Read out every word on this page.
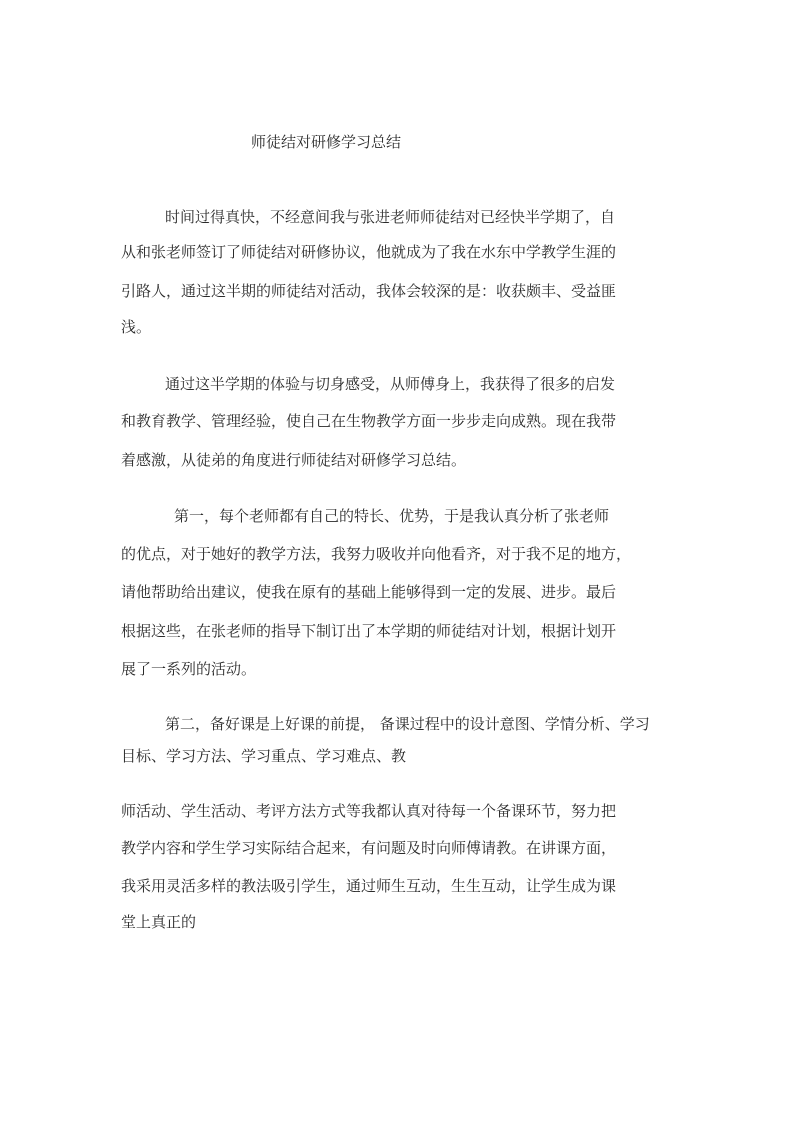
师徒结对研修学习总结
时间过得真快，不经意间我与张进老师师徒结对已经快半学期了，自
从和张老师签订了师徒结对研修协议，他就成为了我在水东中学教学生涯的
引路人，通过这半期的师徒结对活动，我体会较深的是：收获颇丰、受益匪
浅。
通过这半学期的体验与切身感受，从师傅身上，我获得了很多的启发
和教育教学、管理经验，使自己在生物教学方面一步步走向成熟。现在我带
着感激，从徒弟的角度进行师徒结对研修学习总结。
第一，每个老师都有自己的特长、优势，于是我认真分析了张老师
的优点，对于她好的教学方法，我努力吸收并向他看齐，对于我不足的地方，
请他帮助给出建议，使我在原有的基础上能够得到一定的发展、进步。最后
根据这些，在张老师的指导下制订出了本学期的师徒结对计划，根据计划开
展了一系列的活动。
第二，备好课是上好课的前提， 备课过程中的设计意图、学情分析、学习
目标、学习方法、学习重点、学习难点、教
师活动、学生活动、考评方法方式等我都认真对待每一个备课环节，努力把
教学内容和学生学习实际结合起来，有问题及时向师傅请教。在讲课方面，
我采用灵活多样的教法吸引学生，通过师生互动，生生互动，让学生成为课
堂上真正的
